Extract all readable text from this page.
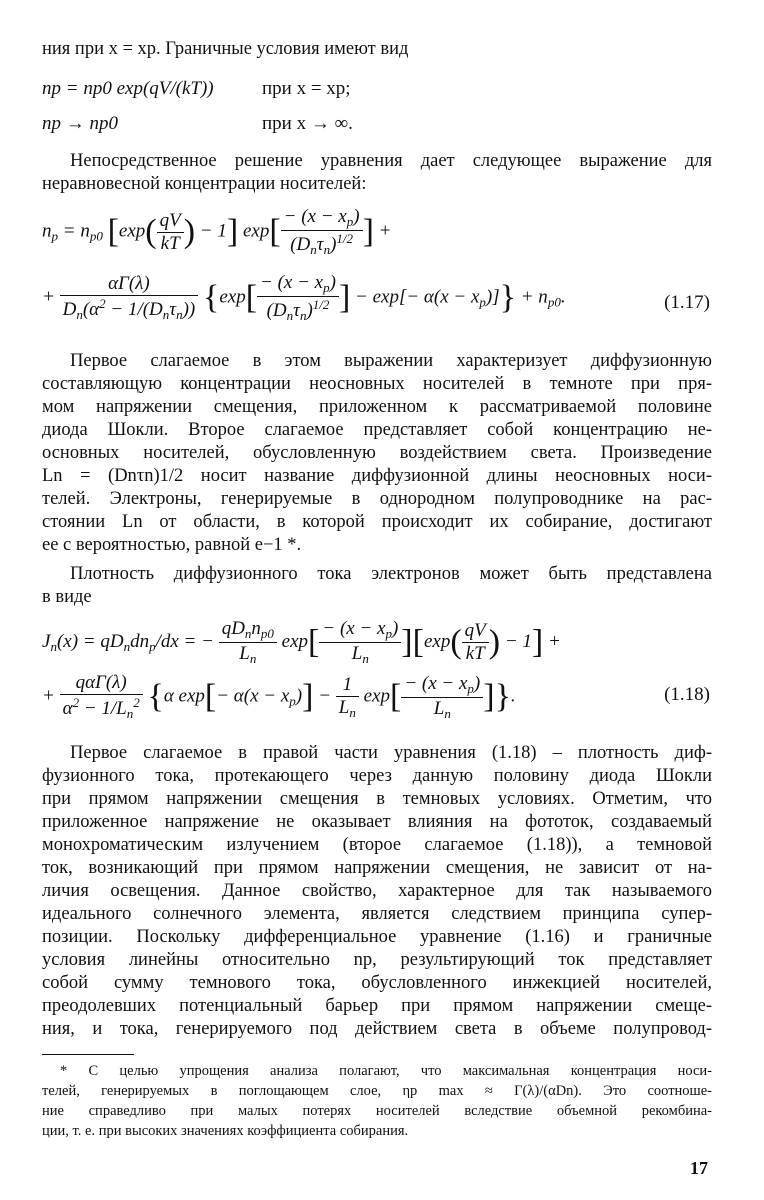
ния при x = xp. Граничные условия имеют вид
np = np0 exp(qV/(kT))	при x = xp;
np → np0	при x → ∞.
Непосредственное решение уравнения дает следующее выражение для
неравновесной концентрации носителей:
$n_p = n_{p0}$ [$\exp( \frac{qV}{kT}$ ) − 1] $\exp[ \frac{- (x - x_p)}{(D_n\tau_n)^{1/2}}$ ] +
+ $\frac{\alpha\Gamma(\lambda)}{D_n(\alpha^2 - 1/(D_n\tau_n))} \{\exp[ \frac{- (x - x_p)}{(D_n\tau_n)^{1/2}}$ ] − $\exp[- \alpha(x - x_p)]\} + n_{p0}$.	(1.17)
Первое слагаемое в этом выражении характеризует диффузионную
составляющую концентрации неосновных носителей в темноте при пря-
мом напряжении смещения, приложенном к рассматриваемой половине
диода Шокли. Второе слагаемое представляет собой концентрацию не-
основных носителей, обусловленную воздействием света. Произведение
Ln = (Dnτn)1/2 носит название диффузионной длины неосновных носи-
телей. Электроны, генерируемые в однородном полупроводнике на рас-
стоянии Ln от области, в которой происходит их собирание, достигают
ее с вероятностью, равной e−1 *.
Плотность диффузионного тока электронов может быть представлена
в виде
$J_n(x) = qD_ndn_p/dx$ = − $\frac{qD_nn_{p0}}{L_n} \exp[ \frac{- (x - x_p)}{L_n} ][\exp( \frac{qV}{kT}$ ) − 1] +
+ $\frac{\text{qαΓ(λ)}}{\alpha^2 - 1/L_n^2} \{\alpha$ $\exp[- \alpha(x - x_p)] - \frac{1}{L_n} \exp[ \frac{- (x - x_p)}{L_n}$ ]}.	(1.18)
Первое слагаемое в правой части уравнения (1.18) – плотность диф-
фузионного тока, протекающего через данную половину диода Шокли
при прямом напряжении смещения в темновых условиях. Отметим, что
приложенное напряжение не оказывает влияния на фототок, создаваемый
монохроматическим излучением (второе слагаемое (1.18)), а темновой
ток, возникающий при прямом напряжении смещения, не зависит от на-
личия освещения. Данное свойство, характерное для так называемого
идеального солнечного элемента, является следствием принципа супер-
позиции. Поскольку дифференциальное уравнение (1.16) и граничные
условия линейны относительно np, результирующий ток представляет
собой сумму темнового тока, обусловленного инжекцией носителей,
преодолевших потенциальный барьер при прямом напряжении смеще-
ния, и тока, генерируемого под действием света в объеме полупровод-
* С целью упрощения анализа полагают, что максимальная концентрация носи-
телей, генерируемых в поглощающем слое, ηp max ≈ Γ(λ)/(αDn). Это соотноше-
ние справедливо при малых потерях носителей вследствие объемной рекомбина-
ции, т. е. при высоких значениях коэффициента собирания.
17
